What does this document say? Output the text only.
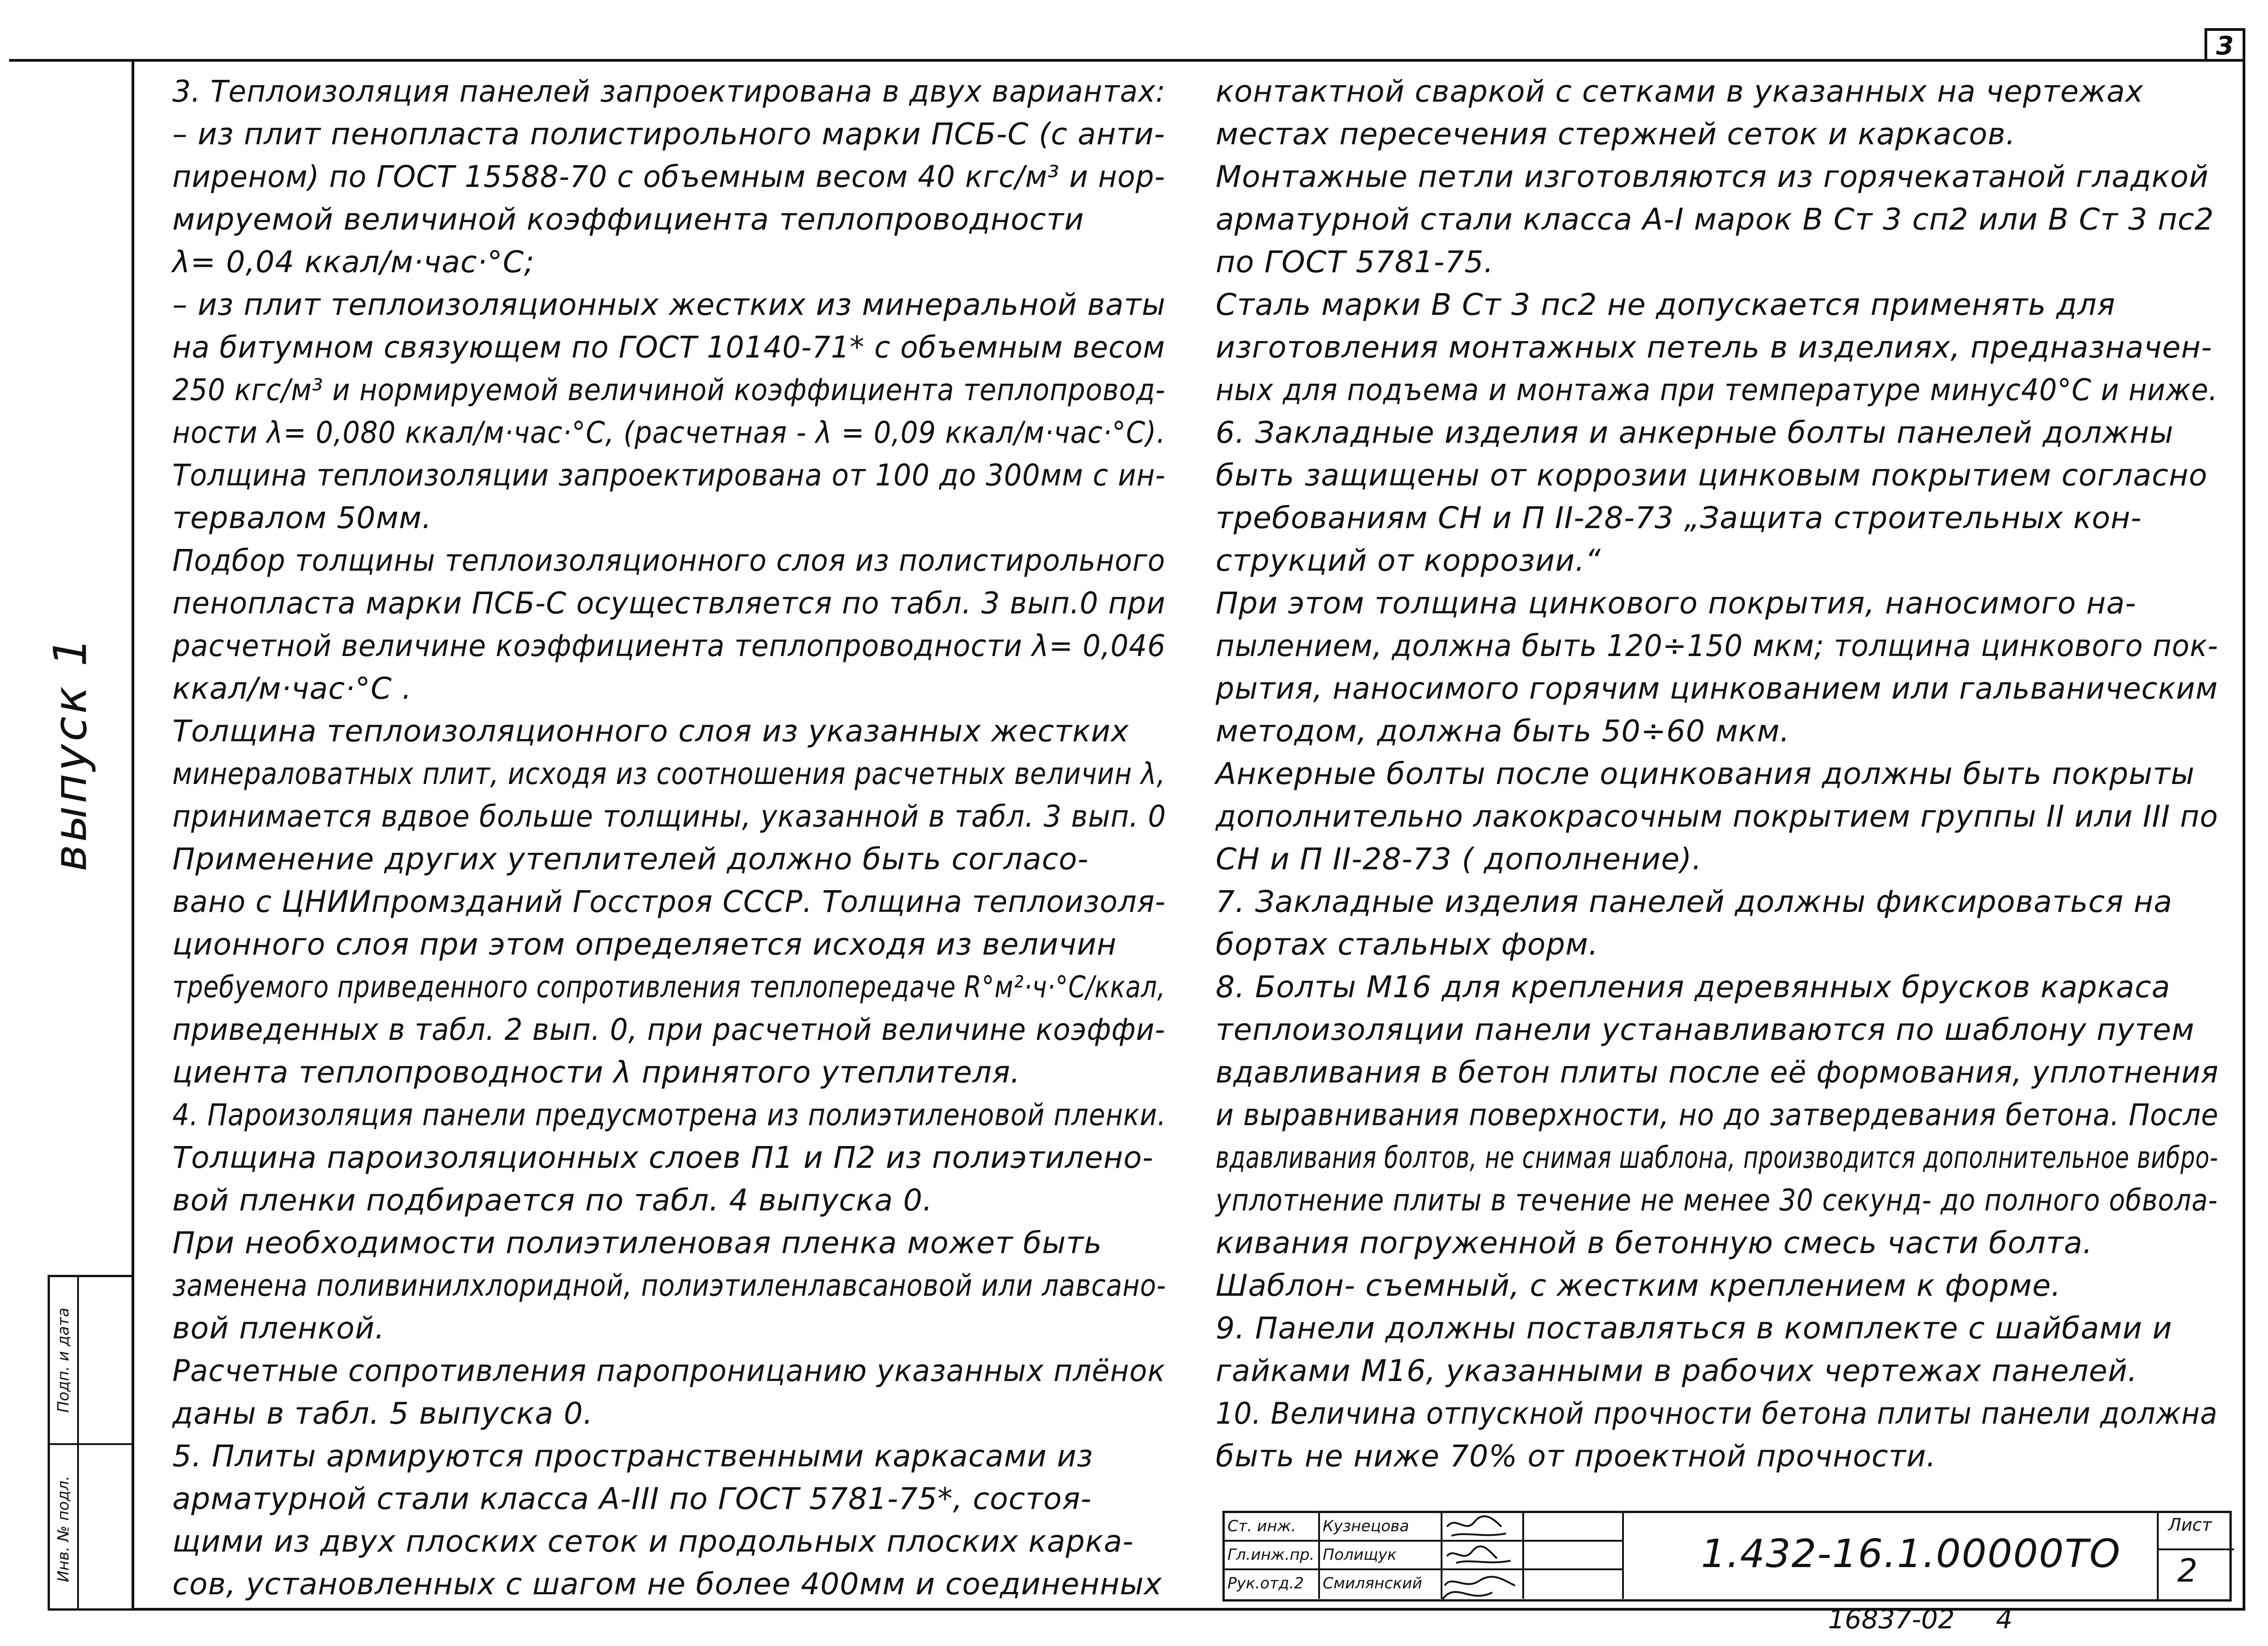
3
выпуск 1
Подп. и дата
Инв. № подл.

3. Теплоизоляция панелей запроектирована в двух вариантах:

– из плит пенопласта полистирольного марки ПСБ-С (с анти-

пиреном) по ГОСТ 15588-70 с объемным весом 40 кгс/м³ и нор-

мируемой величиной коэффициента теплопроводности

λ= 0,04 ккал/м·час·°С;

– из плит теплоизоляционных жестких из минеральной ваты

на битумном связующем по ГОСТ 10140-71* с объемным весом

250 кгс/м³ и нормируемой величиной коэффициента теплопровод-

ности λ= 0,080 ккал/м·час·°С, (расчетная - λ = 0,09 ккал/м·час·°С).

Толщина теплоизоляции запроектирована от 100 до 300мм с ин-

тервалом 50мм.

Подбор толщины теплоизоляционного слоя из полистирольного

пенопласта марки ПСБ-С осуществляется по табл. 3 вып.0 при

расчетной величине коэффициента теплопроводности λ= 0,046

ккал/м·час·°С .

Толщина теплоизоляционного слоя из указанных жестких

минераловатных плит, исходя из соотношения расчетных величин λ,

принимается вдвое больше толщины, указанной в табл. 3 вып. 0

Применение других утеплителей должно быть согласо-

вано с ЦНИИпромзданий Госстроя СССР. Толщина теплоизоля-

ционного слоя при этом определяется исходя из величин

требуемого приведенного сопротивления теплопередаче R°м²·ч·°С/ккал,

приведенных в табл. 2 вып. 0, при расчетной величине коэффи-

циента теплопроводности λ принятого утеплителя.

4. Пароизоляция панели предусмотрена из полиэтиленовой пленки.

Толщина пароизоляционных слоев П1 и П2 из полиэтилено-

вой пленки подбирается по табл. 4 выпуска 0.

При необходимости полиэтиленовая пленка может быть

заменена поливинилхлоридной, полиэтиленлавсановой или лавсано-

вой пленкой.

Расчетные сопротивления паропроницанию указанных плёнок

даны в табл. 5 выпуска 0.

5. Плиты армируются пространственными каркасами из

арматурной стали класса А-III по ГОСТ 5781-75*, состоя-

щими из двух плоских сеток и продольных плоских карка-

сов, установленных с шагом не более 400мм и соединенных

контактной сваркой с сетками в указанных на чертежах

местах пересечения стержней сеток и каркасов.

Монтажные петли изготовляются из горячекатаной гладкой

арматурной стали класса А-I марок В Ст 3 сп2 или В Ст 3 пс2

по ГОСТ 5781-75.

Сталь марки В Ст 3 пс2 не допускается применять для

изготовления монтажных петель в изделиях, предназначен-

ных для подъема и монтажа при температуре минус40°С и ниже.

6. Закладные изделия и анкерные болты панелей должны

быть защищены от коррозии цинковым покрытием согласно

требованиям СН и П II-28-73 „Защита строительных кон-

струкций от коррозии.“

При этом толщина цинкового покрытия, наносимого на-

пылением, должна быть 120÷150 мкм; толщина цинкового пок-

рытия, наносимого горячим цинкованием или гальваническим

методом, должна быть 50÷60 мкм.

Анкерные болты после оцинкования должны быть покрыты

дополнительно лакокрасочным покрытием группы II или III по

СН и П II-28-73 ( дополнение).

7. Закладные изделия панелей должны фиксироваться на

бортах стальных форм.

8. Болты М16 для крепления деревянных брусков каркаса

теплоизоляции панели устанавливаются по шаблону путем

вдавливания в бетон плиты после её формования, уплотнения

и выравнивания поверхности, но до затвердевания бетона. После

вдавливания болтов, не снимая шаблона, производится дополнительное вибро-

уплотнение плиты в течение не менее 30 секунд- до полного обвола-

кивания погруженной в бетонную смесь части болта.

Шаблон- съемный, с жестким креплением к форме.

9. Панели должны поставляться в комплекте с шайбами и

гайками М16, указанными в рабочих чертежах панелей.

10. Величина отпускной прочности бетона плиты панели должна

быть не ниже 70% от проектной прочности.

Ст. инж.	Кузнецова
Гл.инж.пр. Полищук
Рук.отд.2	Смилянский
1.432-16.1.00000ТО
Лист
2
16837-02 4
